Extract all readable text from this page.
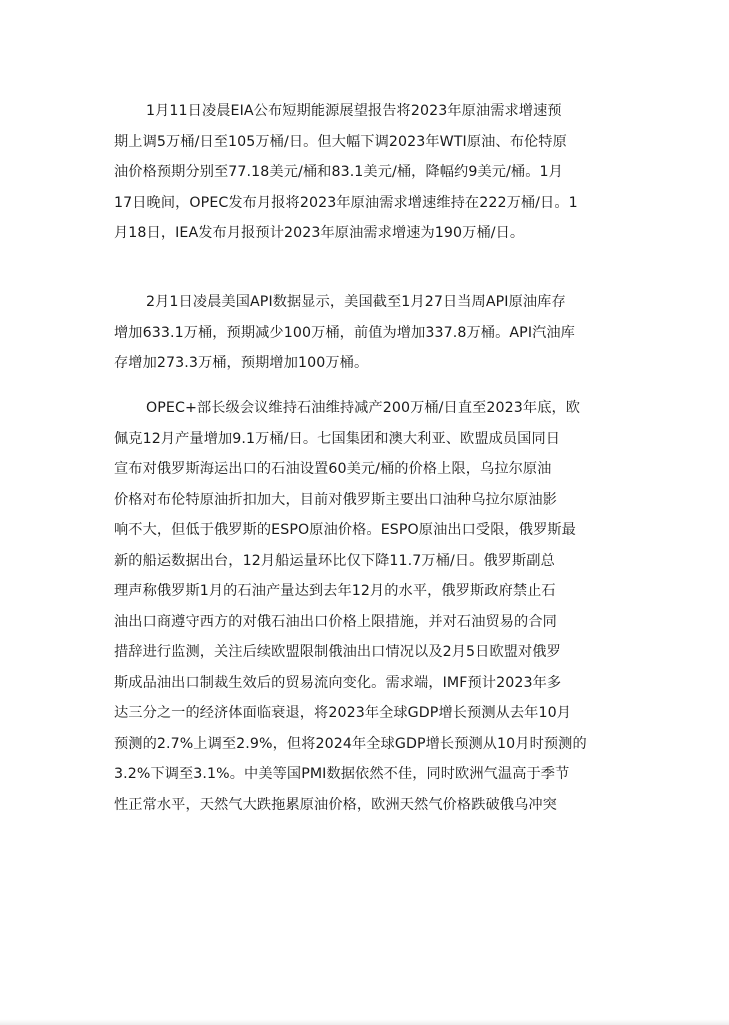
1月11日凌晨EIA公布短期能源展望报告将2023年原油需求增速预
期上调5万桶/日至105万桶/日。但大幅下调2023年WTI原油、布伦特原
油价格预期分别至77.18美元/桶和83.1美元/桶，降幅约9美元/桶。1月
17日晚间，OPEC发布月报将2023年原油需求增速维持在222万桶/日。1
月18日，IEA发布月报预计2023年原油需求增速为190万桶/日。
2月1日凌晨美国API数据显示，美国截至1月27日当周API原油库存
增加633.1万桶，预期减少100万桶，前值为增加337.8万桶。API汽油库
存增加273.3万桶，预期增加100万桶。
OPEC+部长级会议维持石油维持减产200万桶/日直至2023年底，欧
佩克12月产量增加9.1万桶/日。七国集团和澳大利亚、欧盟成员国同日
宣布对俄罗斯海运出口的石油设置60美元/桶的价格上限，乌拉尔原油
价格对布伦特原油折扣加大，目前对俄罗斯主要出口油种乌拉尔原油影
响不大，但低于俄罗斯的ESPO原油价格。ESPO原油出口受限，俄罗斯最
新的船运数据出台，12月船运量环比仅下降11.7万桶/日。俄罗斯副总
理声称俄罗斯1月的石油产量达到去年12月的水平，俄罗斯政府禁止石
油出口商遵守西方的对俄石油出口价格上限措施，并对石油贸易的合同
措辞进行监测，关注后续欧盟限制俄油出口情况以及2月5日欧盟对俄罗
斯成品油出口制裁生效后的贸易流向变化。需求端，IMF预计2023年多
达三分之一的经济体面临衰退，将2023年全球GDP增长预测从去年10月
预测的2.7%上调至2.9%，但将2024年全球GDP增长预测从10月时预测的
3.2%下调至3.1%。中美等国PMI数据依然不佳，同时欧洲气温高于季节
性正常水平，天然气大跌拖累原油价格，欧洲天然气价格跌破俄乌冲突
